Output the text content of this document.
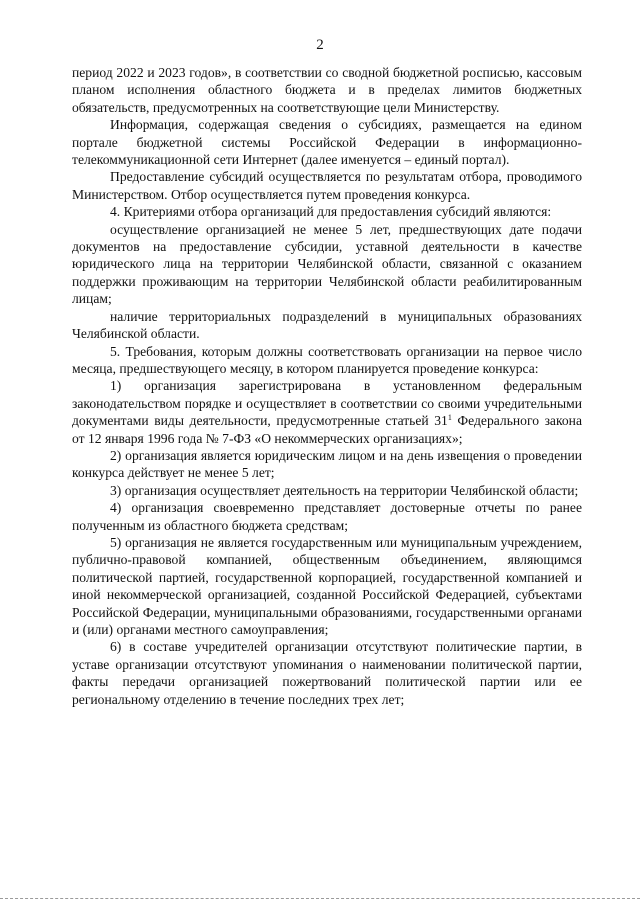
2

период 2022 и 2023 годов», в соответствии со сводной бюджетной росписью, кассовым планом исполнения областного бюджета и в пределах лимитов бюджетных обязательств, предусмотренных на соответствующие цели Министерству.

Информация, содержащая сведения о субсидиях, размещается на едином портале бюджетной системы Российской Федерации в информационно-телекоммуникационной сети Интернет (далее именуется – единый портал).

Предоставление субсидий осуществляется по результатам отбора, проводимого Министерством. Отбор осуществляется путем проведения конкурса.

4. Критериями отбора организаций для предоставления субсидий являются:

осуществление организацией не менее 5 лет, предшествующих дате подачи документов на предоставление субсидии, уставной деятельности в качестве юридического лица на территории Челябинской области, связанной с оказанием поддержки проживающим на территории Челябинской области реабилитированным лицам;

наличие территориальных подразделений в муниципальных образованиях Челябинской области.

5. Требования, которым должны соответствовать организации на первое число месяца, предшествующего месяцу, в котором планируется проведение конкурса:

1) организация зарегистрирована в установленном федеральным законодательством порядке и осуществляет в соответствии со своими учредительными документами виды деятельности, предусмотренные статьей $31^1$ Федерального закона от 12 января 1996 года № 7-ФЗ «О некоммерческих организациях»;

2) организация является юридическим лицом и на день извещения о проведении конкурса действует не менее 5 лет;

3) организация осуществляет деятельность на территории Челябинской области;

4) организация своевременно представляет достоверные отчеты по ранее полученным из областного бюджета средствам;

5) организация не является государственным или муниципальным учреждением, публично-правовой компанией, общественным объединением, являющимся политической партией, государственной корпорацией, государственной компанией и иной некоммерческой организацией, созданной Российской Федерацией, субъектами Российской Федерации, муниципальными образованиями, государственными органами и (или) органами местного самоуправления;

6) в составе учредителей организации отсутствуют политические партии, в уставе организации отсутствуют упоминания о наименовании политической партии, факты передачи организацией пожертвований политической партии или ее региональному отделению в течение последних трех лет;
